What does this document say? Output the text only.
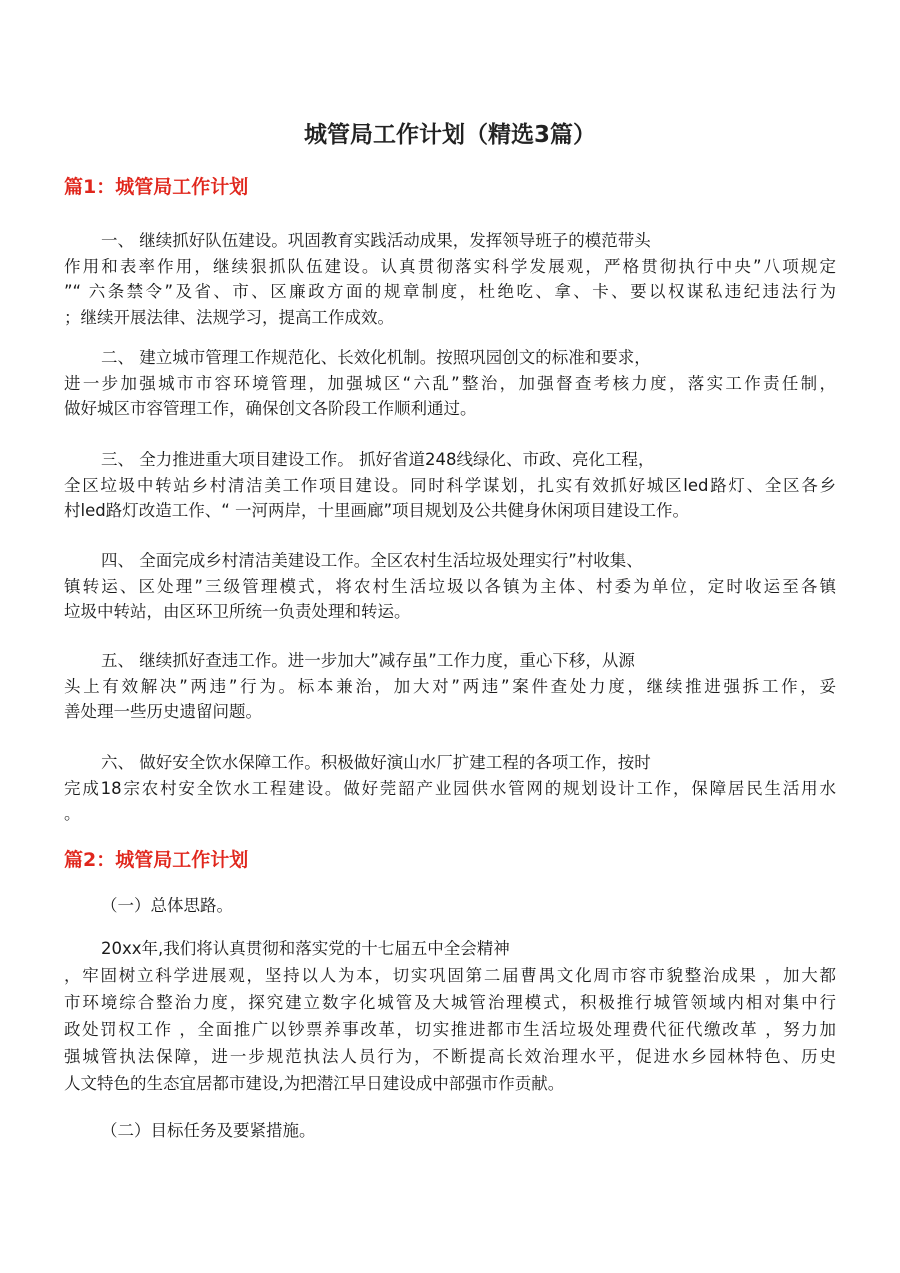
城管局工作计划（精选3篇）
篇1：城管局工作计划
一、 继续抓好队伍建设。巩固教育实践活动成果，发挥领导班子的模范带头
作用和表率作用，继续狠抓队伍建设。认真贯彻落实科学发展观，严格贯彻执行中央”八项规定
”“ 六条禁令”及省、市、区廉政方面的规章制度，杜绝吃、拿、卡、要以权谋私违纪违法行为
；继续开展法律、法规学习，提高工作成效。
二、 建立城市管理工作规范化、长效化机制。按照巩园创文的标准和要求，
进一步加强城市市容环境管理，加强城区“六乱”整治，加强督查考核力度，落实工作责任制，
做好城区市容管理工作，确保创文各阶段工作顺利通过。
三、 全力推进重大项目建设工作。 抓好省道248线绿化、市政、亮化工程，
全区垃圾中转站乡村清洁美工作项目建设。同时科学谋划，扎实有效抓好城区led路灯、全区各乡
村led路灯改造工作、“ 一河两岸，十里画廊”项目规划及公共健身休闲项目建设工作。
四、 全面完成乡村清洁美建设工作。全区农村生活垃圾处理实行”村收集、
镇转运、区处理”三级管理模式，将农村生活垃圾以各镇为主体、村委为单位，定时收运至各镇
垃圾中转站，由区环卫所统一负责处理和转运。
五、 继续抓好查违工作。进一步加大”减存虽”工作力度，重心下移，从源
头上有效解决”两违”行为。标本兼治，加大对”两违”案件查处力度，继续推进强拆工作，妥
善处理一些历史遗留问题。
六、 做好安全饮水保障工作。积极做好演山水厂扩建工程的各项工作，按时
完成18宗农村安全饮水工程建设。做好莞韶产业园供水管网的规划设计工作，保障居民生活用水
。
篇2：城管局工作计划
（一）总体思路。
20xx年,我们将认真贯彻和落实党的十七届五中全会精神
，牢固树立科学进展观，坚持以人为本，切实巩固第二届曹禺文化周市容市貌整治成果 ，加大都
市环境综合整治力度，探究建立数字化城管及大城管治理模式，积极推行城管领域内相对集中行
政处罚权工作 ，全面推广以钞票养事改革，切实推进都市生活垃圾处理费代征代缴改革 ，努力加
强城管执法保障，进一步规范执法人员行为，不断提高长效治理水平，促进水乡园林特色、历史
人文特色的生态宜居都市建设,为把潜江早日建设成中部强市作贡献。
（二）目标任务及要紧措施。
